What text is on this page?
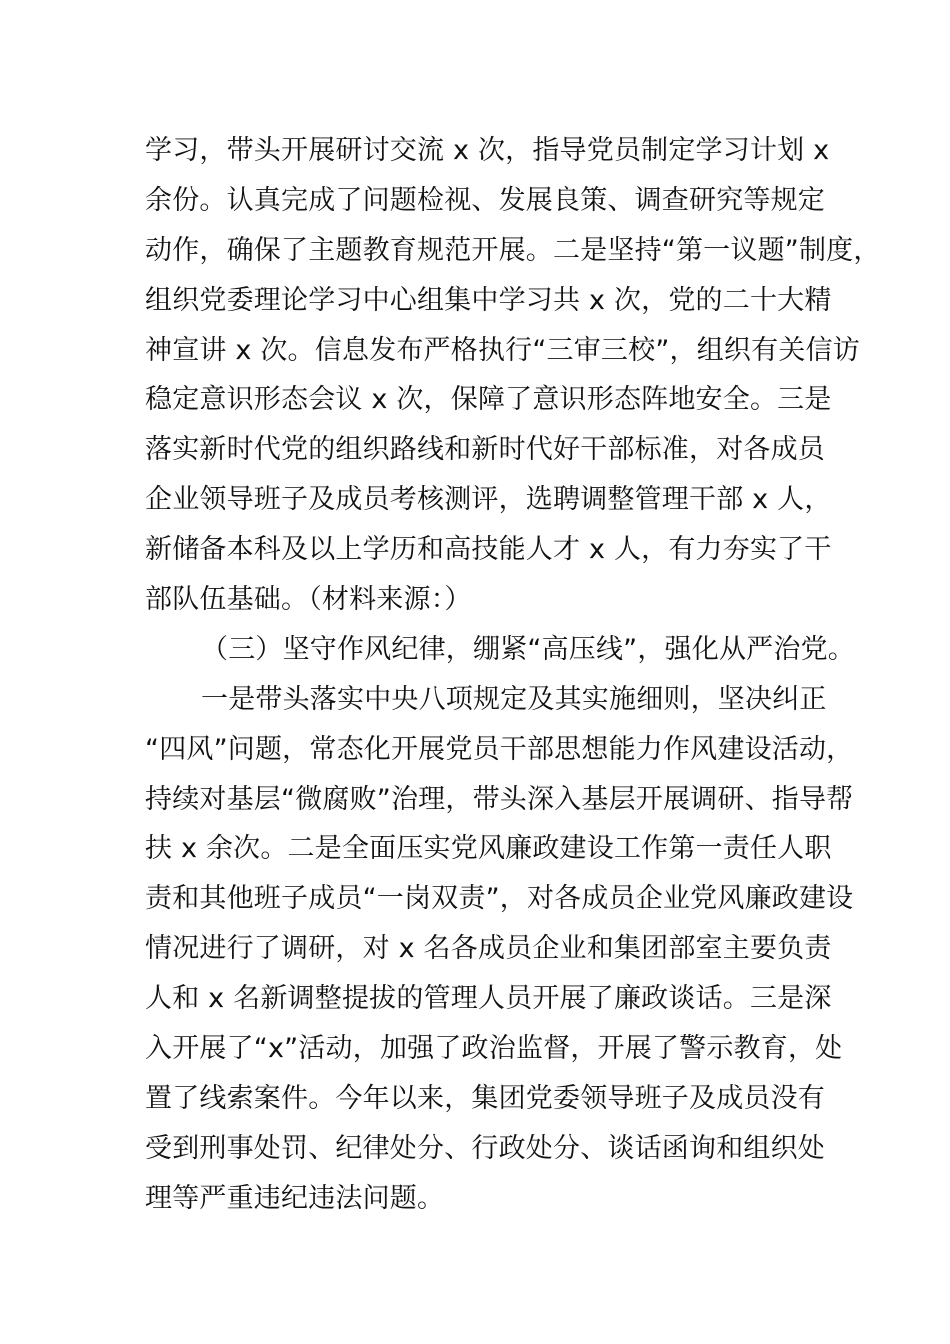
学习，带头开展研讨交流 x 次，指导党员制定学习计划 x
余份。认真完成了问题检视、发展良策、调查研究等规定
动作，确保了主题教育规范开展。二是坚持“第一议题”制度，
组织党委理论学习中心组集中学习共 x 次，党的二十大精
神宣讲 x 次。信息发布严格执行“三审三校”，组织有关信访
稳定意识形态会议 x 次，保障了意识形态阵地安全。三是
落实新时代党的组织路线和新时代好干部标准，对各成员
企业领导班子及成员考核测评，选聘调整管理干部 x 人，
新储备本科及以上学历和高技能人才 x 人，有力夯实了干
部队伍基础。（材料来源：）
（三）坚守作风纪律，绷紧“高压线”，强化从严治党。
一是带头落实中央八项规定及其实施细则，坚决纠正
“四风”问题，常态化开展党员干部思想能力作风建设活动，
持续对基层“微腐败”治理，带头深入基层开展调研、指导帮
扶 x 余次。二是全面压实党风廉政建设工作第一责任人职
责和其他班子成员“一岗双责”，对各成员企业党风廉政建设
情况进行了调研，对 x 名各成员企业和集团部室主要负责
人和 x 名新调整提拔的管理人员开展了廉政谈话。三是深
入开展了“x”活动，加强了政治监督，开展了警示教育，处
置了线索案件。今年以来，集团党委领导班子及成员没有
受到刑事处罚、纪律处分、行政处分、谈话函询和组织处
理等严重违纪违法问题。
